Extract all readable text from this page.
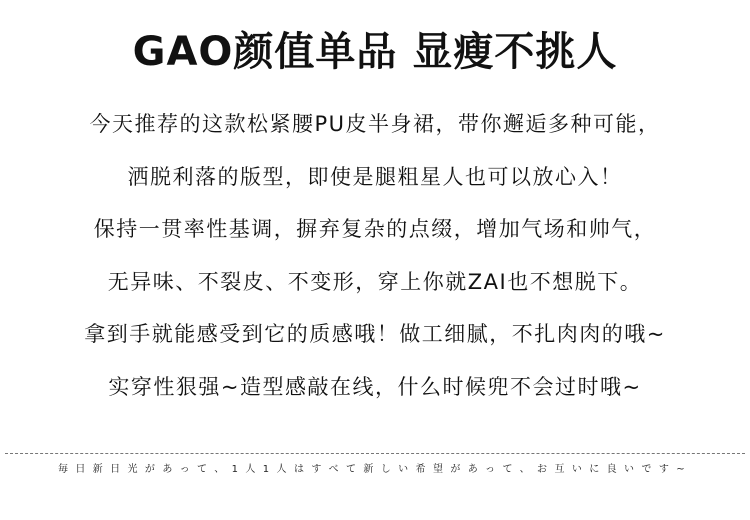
GAO颜值单品 显瘦不挑人
今天推荐的这款松紧腰PU皮半身裙，带你邂逅多种可能，
洒脱利落的版型，即使是腿粗星人也可以放心入！
保持一贯率性基调，摒弃复杂的点缀，增加气场和帅气，
无异味、不裂皮、不变形，穿上你就ZAI也不想脱下。
拿到手就能感受到它的质感哦！做工细腻，不扎肉肉的哦~
实穿性狠强~造型感敲在线，什么时候兜不会过时哦~
毎日新日光があって、1人1人はすべて新しい希望があって、お互いに良いです~
